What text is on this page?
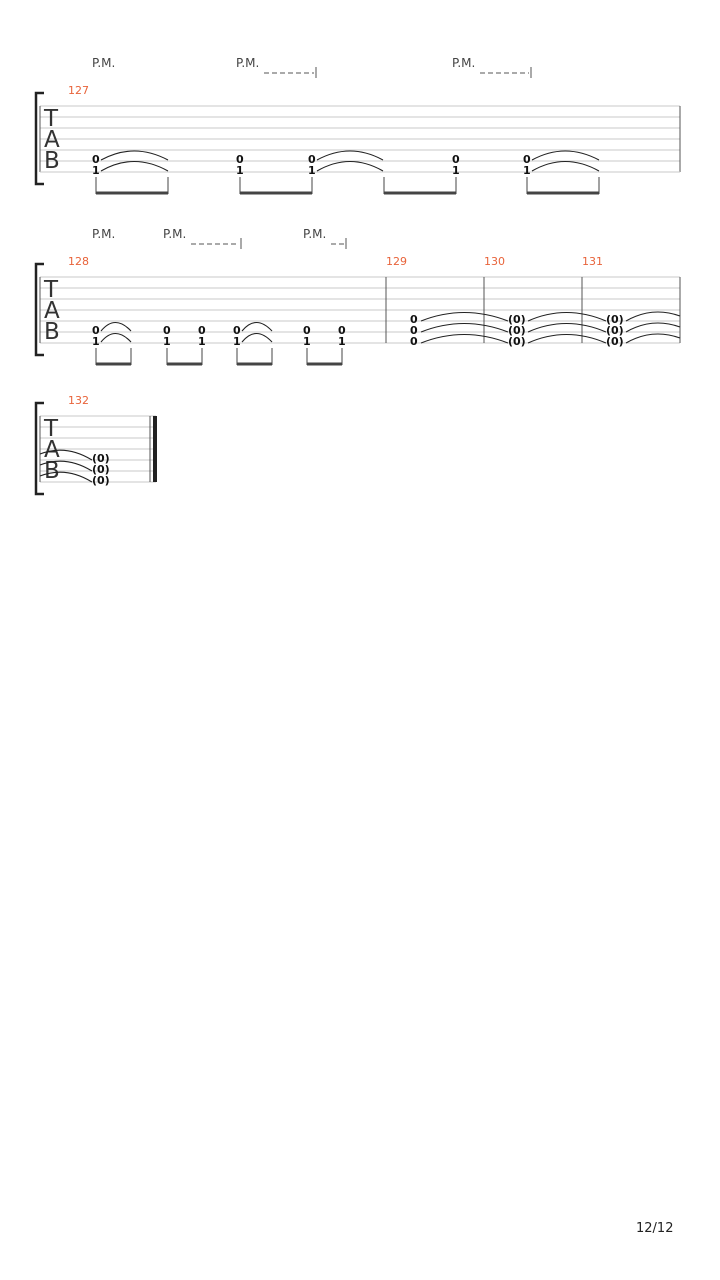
P.M.	P.M.	P.M.
127
T
A
B	0
1
0
1
0
1
0
1
0
1
P.M.	P.M.	P.M.
128	129	130	131
T
A
B	0
1
0
1
0
1
0
1
0
1
0
1
0
0
0
(0)
(0)
(0)
(0)
(0)
(0)
132
T
A
B	(0)
(0)
(0)
12/12
